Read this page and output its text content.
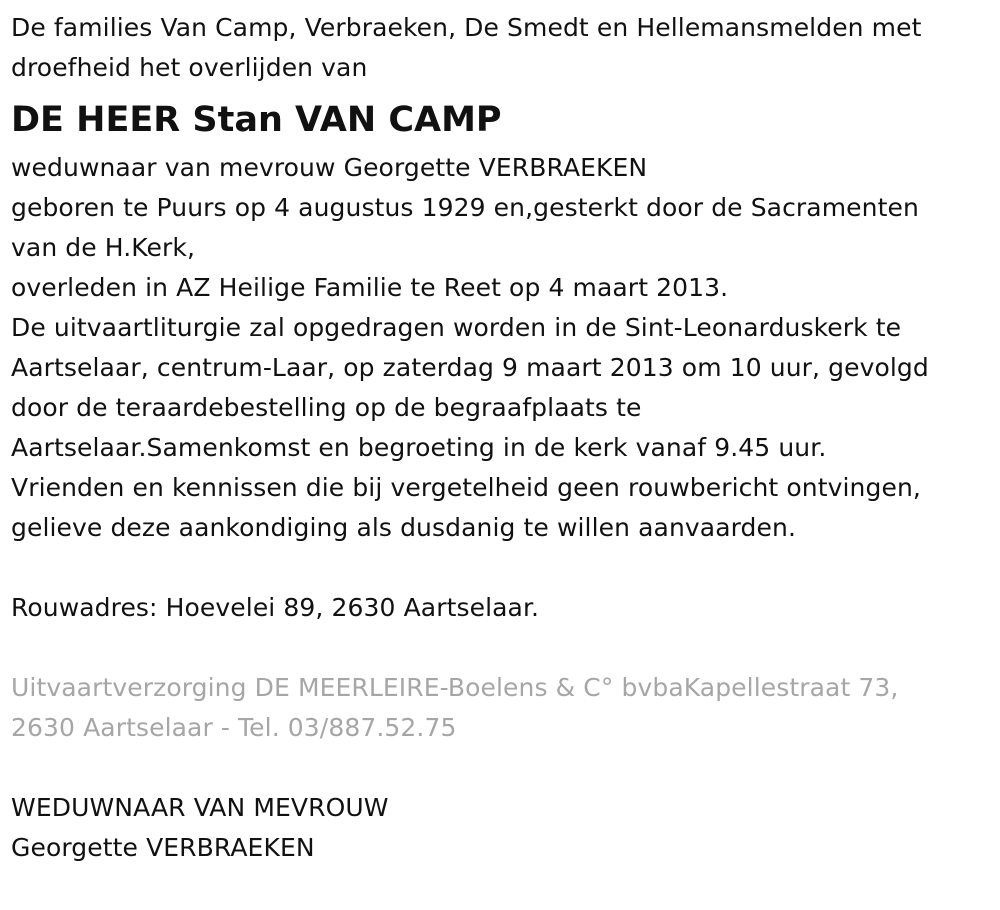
De families Van Camp, Verbraeken, De Smedt en Hellemansmelden met
droefheid het overlijden van
DE HEER Stan VAN CAMP
weduwnaar van mevrouw Georgette VERBRAEKEN
geboren te Puurs op 4 augustus 1929 en,gesterkt door de Sacramenten
van de H.Kerk,
overleden in AZ Heilige Familie te Reet op 4 maart 2013.
De uitvaartliturgie zal opgedragen worden in de Sint-Leonarduskerk te
Aartselaar, centrum-Laar, op zaterdag 9 maart 2013 om 10 uur, gevolgd
door de teraardebestelling op de begraafplaats te
Aartselaar.Samenkomst en begroeting in de kerk vanaf 9.45 uur.
Vrienden en kennissen die bij vergetelheid geen rouwbericht ontvingen,
gelieve deze aankondiging als dusdanig te willen aanvaarden.
Rouwadres: Hoevelei 89, 2630 Aartselaar.
Uitvaartverzorging DE MEERLEIRE-Boelens & C° bvbaKapellestraat 73,
2630 Aartselaar - Tel. 03/887.52.75
WEDUWNAAR VAN MEVROUW
Georgette VERBRAEKEN
